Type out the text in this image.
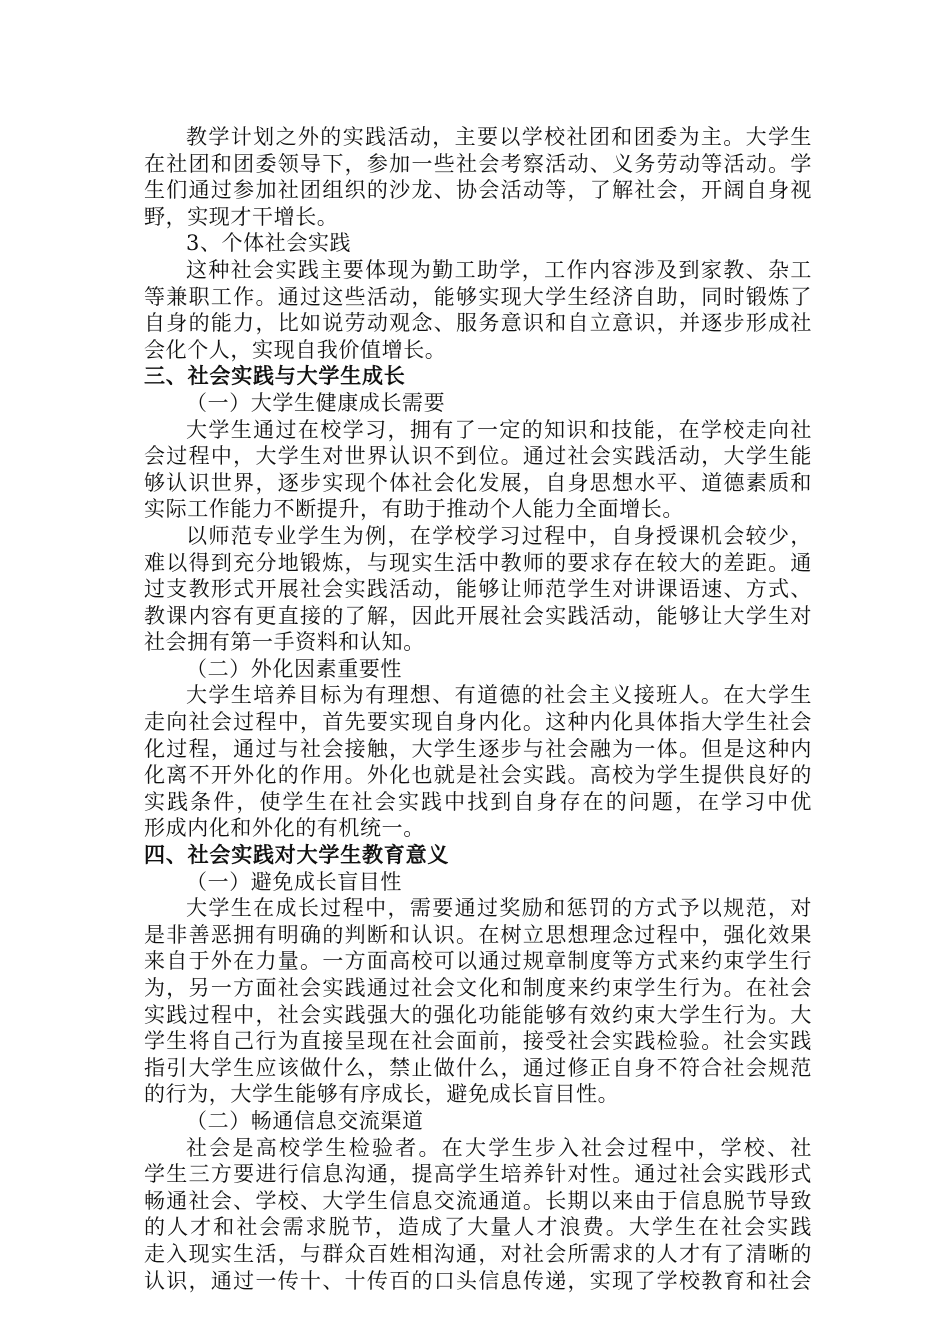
教学计划之外的实践活动，主要以学校社团和团委为主。大学生
在社团和团委领导下，参加一些社会考察活动、义务劳动等活动。学
生们通过参加社团组织的沙龙、协会活动等，了解社会，开阔自身视
野，实现才干增长。
3、个体社会实践
这种社会实践主要体现为勤工助学，工作内容涉及到家教、杂工
等兼职工作。通过这些活动，能够实现大学生经济自助，同时锻炼了
自身的能力，比如说劳动观念、服务意识和自立意识，并逐步形成社
会化个人，实现自我价值增长。
三、社会实践与大学生成长
（一）大学生健康成长需要
大学生通过在校学习，拥有了一定的知识和技能，在学校走向社
会过程中，大学生对世界认识不到位。通过社会实践活动，大学生能
够认识世界，逐步实现个体社会化发展，自身思想水平、道德素质和
实际工作能力不断提升，有助于推动个人能力全面增长。
以师范专业学生为例，在学校学习过程中，自身授课机会较少，
难以得到充分地锻炼，与现实生活中教师的要求存在较大的差距。通
过支教形式开展社会实践活动，能够让师范学生对讲课语速、方式、
教课内容有更直接的了解，因此开展社会实践活动，能够让大学生对
社会拥有第一手资料和认知。
（二）外化因素重要性
大学生培养目标为有理想、有道德的社会主义接班人。在大学生
走向社会过程中，首先要实现自身内化。这种内化具体指大学生社会
化过程，通过与社会接触，大学生逐步与社会融为一体。但是这种内
化离不开外化的作用。外化也就是社会实践。高校为学生提供良好的
实践条件，使学生在社会实践中找到自身存在的问题，在学习中优
形成内化和外化的有机统一。
四、社会实践对大学生教育意义
（一）避免成长盲目性
大学生在成长过程中，需要通过奖励和惩罚的方式予以规范，对
是非善恶拥有明确的判断和认识。在树立思想理念过程中，强化效果
来自于外在力量。一方面高校可以通过规章制度等方式来约束学生行
为，另一方面社会实践通过社会文化和制度来约束学生行为。在社会
实践过程中，社会实践强大的强化功能能够有效约束大学生行为。大
学生将自己行为直接呈现在社会面前，接受社会实践检验。社会实践
指引大学生应该做什么，禁止做什么，通过修正自身不符合社会规范
的行为，大学生能够有序成长，避免成长盲目性。
（二）畅通信息交流渠道
社会是高校学生检验者。在大学生步入社会过程中，学校、社
学生三方要进行信息沟通，提高学生培养针对性。通过社会实践形式
畅通社会、学校、大学生信息交流通道。长期以来由于信息脱节导致
的人才和社会需求脱节，造成了大量人才浪费。大学生在社会实践
走入现实生活，与群众百姓相沟通，对社会所需求的人才有了清晰的
认识，通过一传十、十传百的口头信息传递，实现了学校教育和社会
